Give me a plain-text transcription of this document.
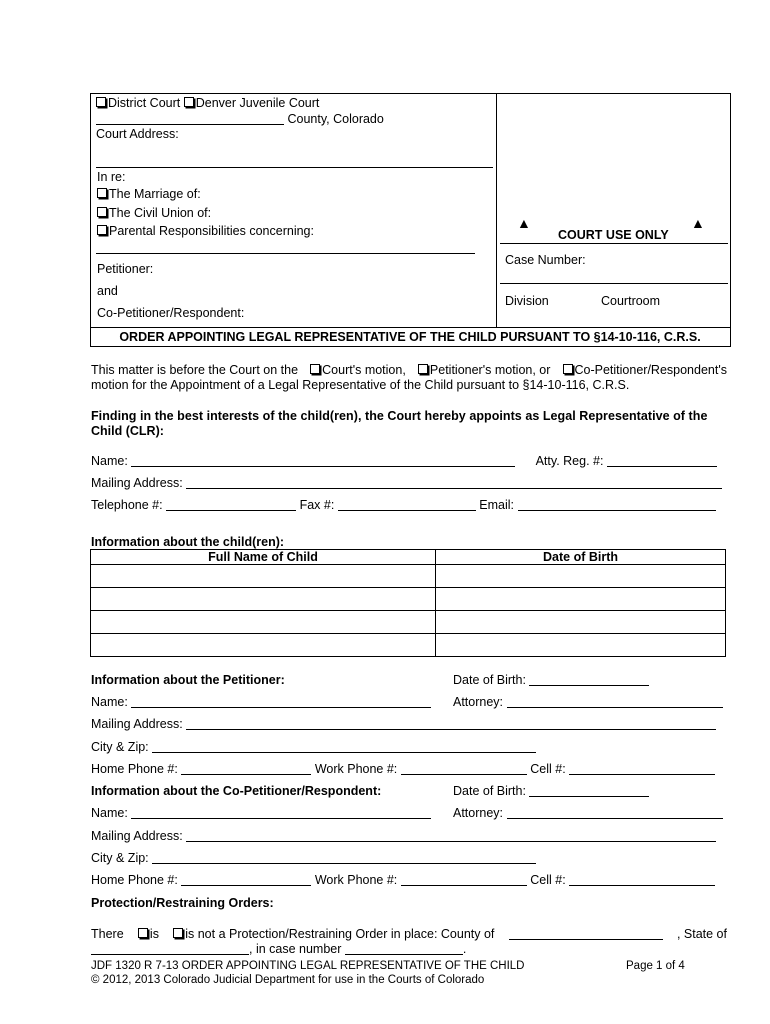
District Court Denver Juvenile Court
County, Colorado
Court Address:
In re:
The Marriage of:
The Civil Union of:
Parental Responsibilities concerning:
Petitioner:
and
Co-Petitioner/Respondent:
▲
COURT USE ONLY
▲
Case Number:
Division	Courtroom
ORDER APPOINTING LEGAL REPRESENTATIVE OF THE CHILD PURSUANT TO §14-10-116, C.R.S.
This matter is before the Court on the	Court's motion,	Petitioner's motion, or	Co-Petitioner/Respondent's
motion for the Appointment of a Legal Representative of the Child pursuant to §14-10-116, C.R.S.
Finding in the best interests of the child(ren), the Court hereby appoints as Legal Representative of the
Child (CLR):
Name:	Atty. Reg. #:
Mailing Address:
Telephone #:	Fax #:	Email:
Information about the child(ren):
Full Name of Child	Date of Birth

Information about the Petitioner:	Date of Birth:
Name:	Attorney:
Mailing Address:
City & Zip:
Home Phone #:	Work Phone #:	Cell #:
Information about the Co-Petitioner/Respondent:	Date of Birth:
Name:	Attorney:
Mailing Address:
City & Zip:
Home Phone #:	Work Phone #:	Cell #:
Protection/Restraining Orders:
There	is	is not a Protection/Restraining Order in place: County of	, State of
, in case number	.
JDF 1320 R 7-13 ORDER APPOINTING LEGAL REPRESENTATIVE OF THE CHILD	Page 1 of 4
© 2012, 2013 Colorado Judicial Department for use in the Courts of Colorado
